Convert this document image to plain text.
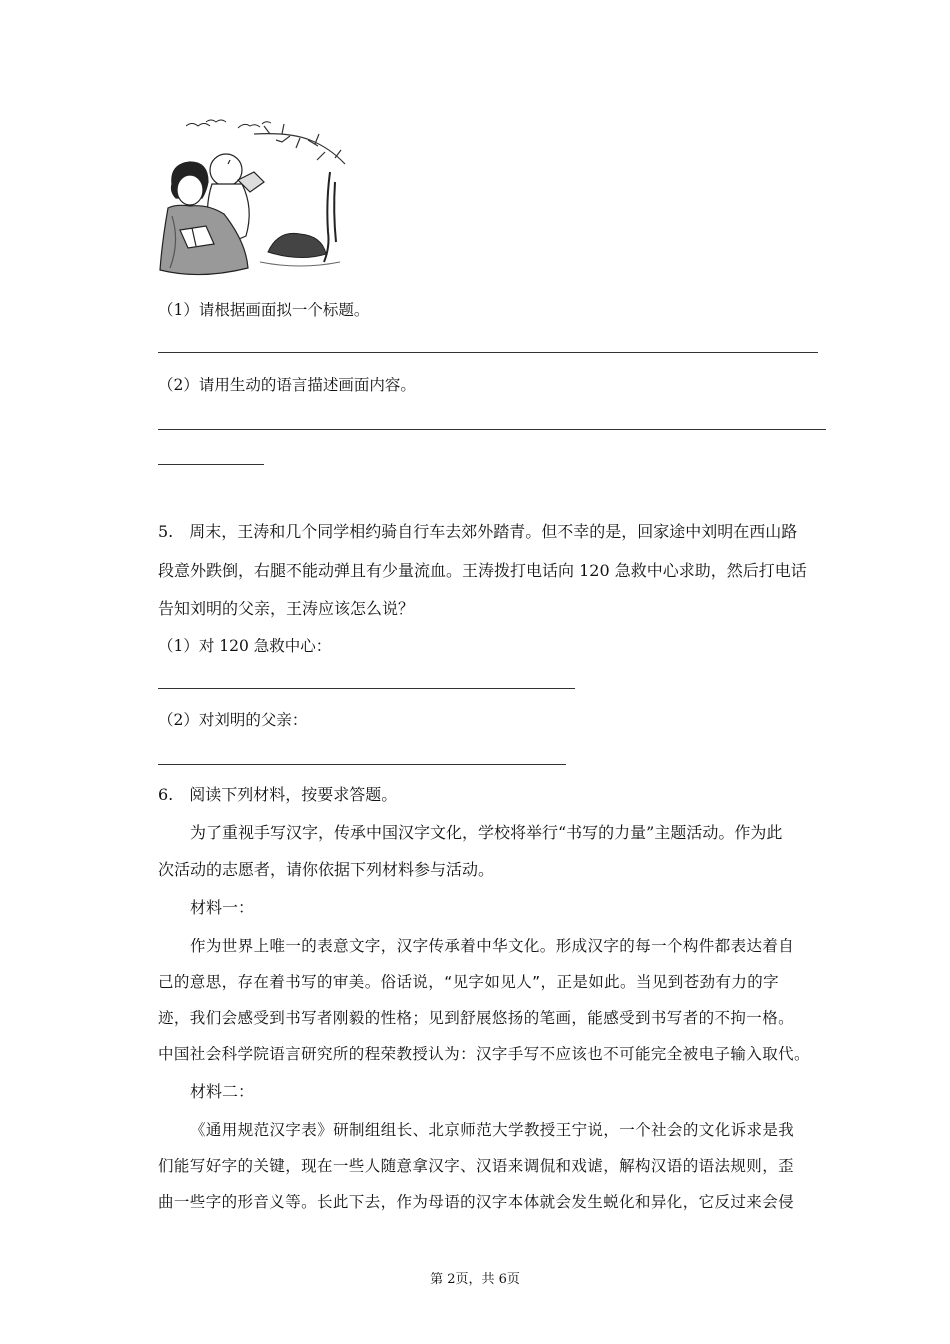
（1）请根据画面拟一个标题。
（2）请用生动的语言描述画面内容。
5.　周末，王涛和几个同学相约骑自行车去郊外踏青。但不幸的是，回家途中刘明在西山路
段意外跌倒，右腿不能动弹且有少量流血。王涛拨打电话向 120 急救中心求助，然后打电话
告知刘明的父亲，王涛应该怎么说？
（1）对 120 急救中心：
（2）对刘明的父亲：
6.　阅读下列材料，按要求答题。
为了重视手写汉字，传承中国汉字文化，学校将举行“书写的力量”主题活动。作为此
次活动的志愿者，请你依据下列材料参与活动。
材料一：
作为世界上唯一的表意文字，汉字传承着中华文化。形成汉字的每一个构件都表达着自
己的意思，存在着书写的审美。俗话说，“见字如见人”，正是如此。当见到苍劲有力的字
迹，我们会感受到书写者刚毅的性格；见到舒展悠扬的笔画，能感受到书写者的不拘一格。
中国社会科学院语言研究所的程荣教授认为：汉字手写不应该也不可能完全被电子输入取代。
材料二：
《通用规范汉字表》研制组组长、北京师范大学教授王宁说，一个社会的文化诉求是我
们能写好字的关键，现在一些人随意拿汉字、汉语来调侃和戏谑，解构汉语的语法规则，歪
曲一些字的形音义等。长此下去，作为母语的汉字本体就会发生蜕化和异化，它反过来会侵
第 2页，共 6页
